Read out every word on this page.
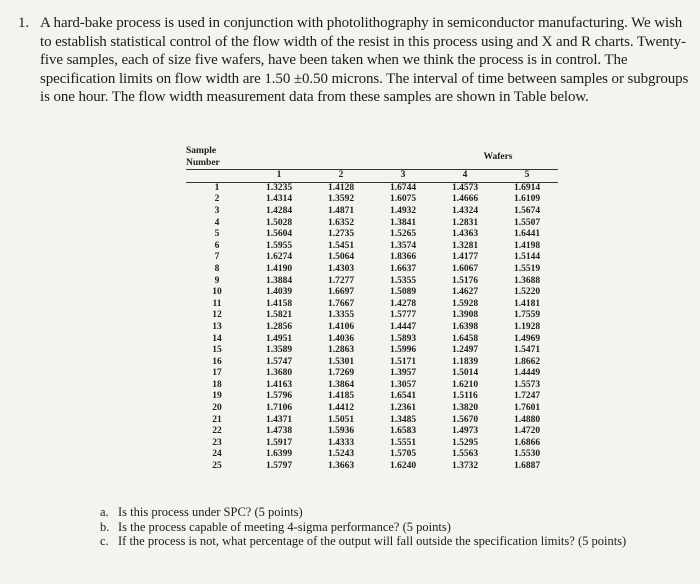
1. A hard-bake process is used in conjunction with photolithography in semiconductor manufacturing. We wish to establish statistical control of the flow width of the resist in this process using and X and R charts. Twenty-five samples, each of size five wafers, have been taken when we think the process is in control. The specification limits on flow width are 1.50 ±0.50 microns. The interval of time between samples or subgroups is one hour. The flow width measurement data from these samples are shown in Table below.
Sample Number	Wafers				
	1	2	3	4	5
1	1.3235	1.4128	1.6744	1.4573	1.6914
2	1.4314	1.3592	1.6075	1.4666	1.6109
3	1.4284	1.4871	1.4932	1.4324	1.5674
4	1.5028	1.6352	1.3841	1.2831	1.5507
5	1.5604	1.2735	1.5265	1.4363	1.6441
6	1.5955	1.5451	1.3574	1.3281	1.4198
7	1.6274	1.5064	1.8366	1.4177	1.5144
8	1.4190	1.4303	1.6637	1.6067	1.5519
9	1.3884	1.7277	1.5355	1.5176	1.3688
10	1.4039	1.6697	1.5089	1.4627	1.5220
11	1.4158	1.7667	1.4278	1.5928	1.4181
12	1.5821	1.3355	1.5777	1.3908	1.7559
13	1.2856	1.4106	1.4447	1.6398	1.1928
14	1.4951	1.4036	1.5893	1.6458	1.4969
15	1.3589	1.2863	1.5996	1.2497	1.5471
16	1.5747	1.5301	1.5171	1.1839	1.8662
17	1.3680	1.7269	1.3957	1.5014	1.4449
18	1.4163	1.3864	1.3057	1.6210	1.5573
19	1.5796	1.4185	1.6541	1.5116	1.7247
20	1.7106	1.4412	1.2361	1.3820	1.7601
21	1.4371	1.5051	1.3485	1.5670	1.4880
22	1.4738	1.5936	1.6583	1.4973	1.4720
23	1.5917	1.4333	1.5551	1.5295	1.6866
24	1.6399	1.5243	1.5705	1.5563	1.5530
25	1.5797	1.3663	1.6240	1.3732	1.6887
a. Is this process under SPC? (5 points)
b. Is the process capable of meeting 4-sigma performance? (5 points)
c. If the process is not, what percentage of the output will fall outside the specification limits? (5 points)
